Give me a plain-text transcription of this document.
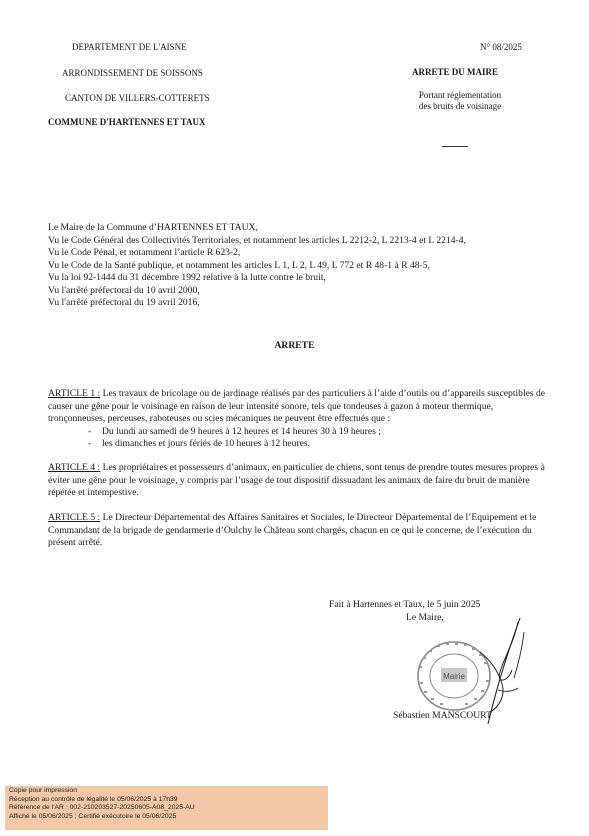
DEPARTEMENT DE L'AISNE
ARRONDISSEMENT DE SOISSONS
CANTON DE VILLERS-COTTERETS
COMMUNE D'HARTENNES ET TAUX
N° 08/2025
ARRETE DU MAIRE
Portant réglementation
des bruits de voisinage
Le Maire de la Commune d’HARTENNES ET TAUX,
Vu le Code Général des Collectivités Territoriales, et notamment les articles L 2212-2, L 2213-4 et L 2214-4,
Vu le Code Pénal, et notamment l’article R 623-2,
Vu le Code de la Santé publique, et notamment les articles L 1, L 2, L 49, L 772 et R 48-1 à R 48-5,
Vu la loi 92-1444 du 31 décembre 1992 relative à la lutte contre le bruit,
Vu l'arrêté préfectoral du 10 avril 2000,
Vu l'arrêté préfectoral du 19 avril 2016,
ARRETE
ARTICLE 1 : Les travaux de bricolage ou de jardinage réalisés par des particuliers à l’aide d’outils ou d’appareils susceptibles de causer une gêne pour le voisinage en raison de leur intensité sonore, tels que tondeuses à gazon à moteur thermique, tronçonneuses, perceuses, raboteuses ou scies mécaniques ne peuvent être effectués que :
- Du lundi au samedi de 9 heures à 12 heures et 14 heures 30 à 19 heures ;
- les dimanches et jours fériés de 10 heures à 12 heures.
ARTICLE 4 : Les propriétaires et possesseurs d’animaux, en particulier de chiens, sont tenus de prendre toutes mesures propres à éviter une gêne pour le voisinage, y compris par l’usage de tout dispositif dissuadant les animaux de faire du bruit de manière répétée et intempestive.
ARTICLE 5 : Le Directeur Départemental des Affaires Sanitaires et Sociales, le Directeur Départemental de l’Equipement et le Commandant de la brigade de gendarmerie d’Oulchy le Château sont chargés, chacun en ce qui le concerne, de l’exécution du présent arrêté.
Fait à Hartennes et Taux, le 5 juin 2025
Le Maire,
Mairie
Sébastien MANSCOURT
Copie pour impression
Réception au contrôle de légalité le 05/06/2025 à 17h39
Référence de l'AR : 002-210203527-20250605-A08_2025-AU
Affiché le 05/06/2025 ; Certifié exécutoire le 05/06/2025
